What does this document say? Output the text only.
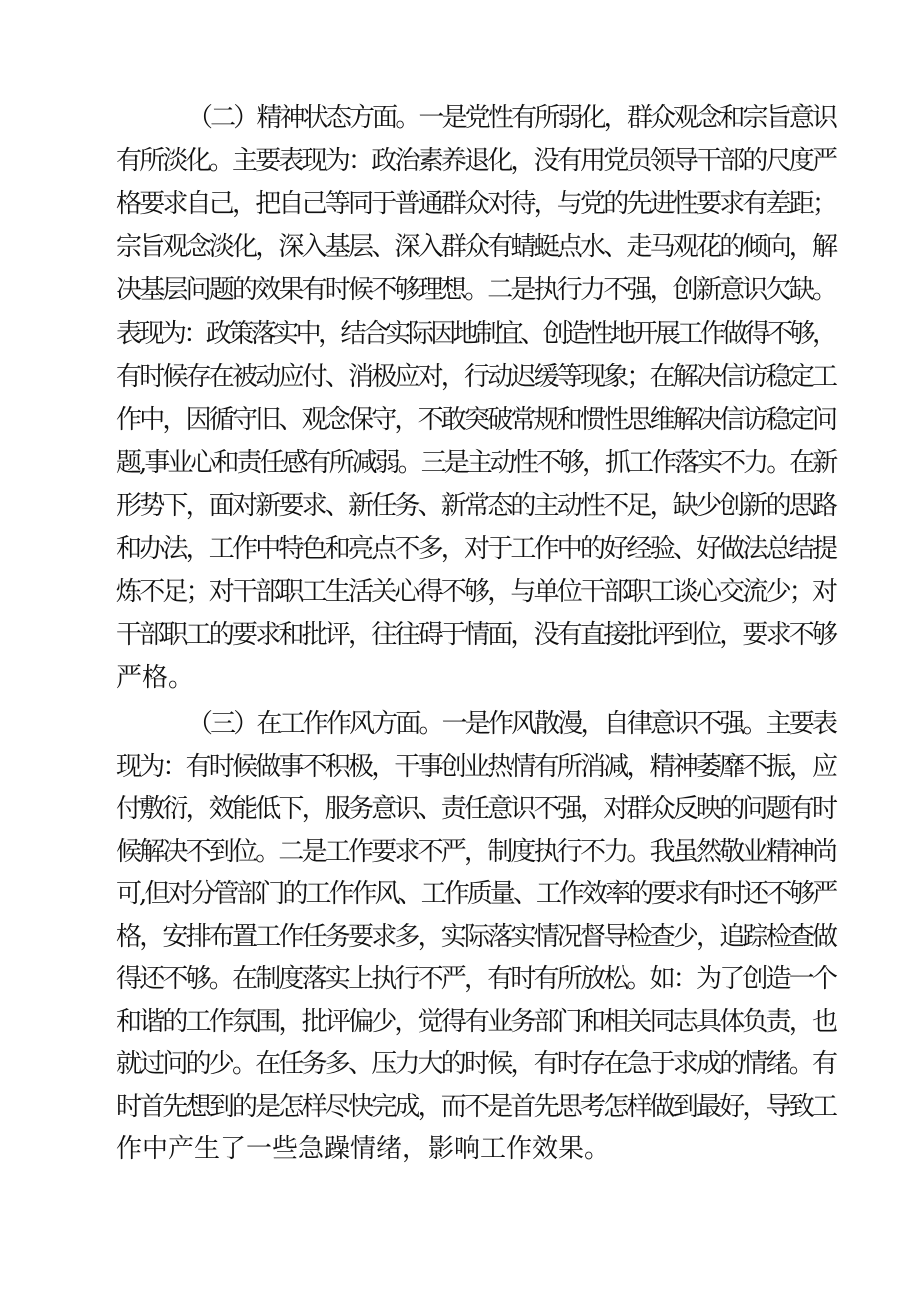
（二）精神状态方面。一是党性有所弱化，群众观念和宗旨意识
有所淡化。主要表现为：政治素养退化，没有用党员领导干部的尺度严
格要求自己，把自己等同于普通群众对待，与党的先进性要求有差距；
宗旨观念淡化，深入基层、深入群众有蜻蜓点水、走马观花的倾向，解
决基层问题的效果有时候不够理想。二是执行力不强，创新意识欠缺。
表现为：政策落实中，结合实际因地制宜、创造性地开展工作做得不够，
有时候存在被动应付、消极应对，行动迟缓等现象；在解决信访稳定工
作中，因循守旧、观念保守，不敢突破常规和惯性思维解决信访稳定问
题,事业心和责任感有所减弱。三是主动性不够，抓工作落实不力。在新
形势下，面对新要求、新任务、新常态的主动性不足，缺少创新的思路
和办法，工作中特色和亮点不多，对于工作中的好经验、好做法总结提
炼不足；对干部职工生活关心得不够，与单位干部职工谈心交流少；对
干部职工的要求和批评，往往碍于情面，没有直接批评到位，要求不够
严格。
（三）在工作作风方面。一是作风散漫，自律意识不强。主要表
现为：有时候做事不积极，干事创业热情有所消减，精神萎靡不振，应
付敷衍，效能低下，服务意识、责任意识不强，对群众反映的问题有时
候解决不到位。二是工作要求不严，制度执行不力。我虽然敬业精神尚
可,但对分管部门的工作作风、工作质量、工作效率的要求有时还不够严
格，安排布置工作任务要求多，实际落实情况督导检查少，追踪检查做
得还不够。在制度落实上执行不严，有时有所放松。如：为了创造一个
和谐的工作氛围，批评偏少，觉得有业务部门和相关同志具体负责，也
就过问的少。在任务多、压力大的时候，有时存在急于求成的情绪。有
时首先想到的是怎样尽快完成，而不是首先思考怎样做到最好，导致工
作中产生了一些急躁情绪，影响工作效果。
